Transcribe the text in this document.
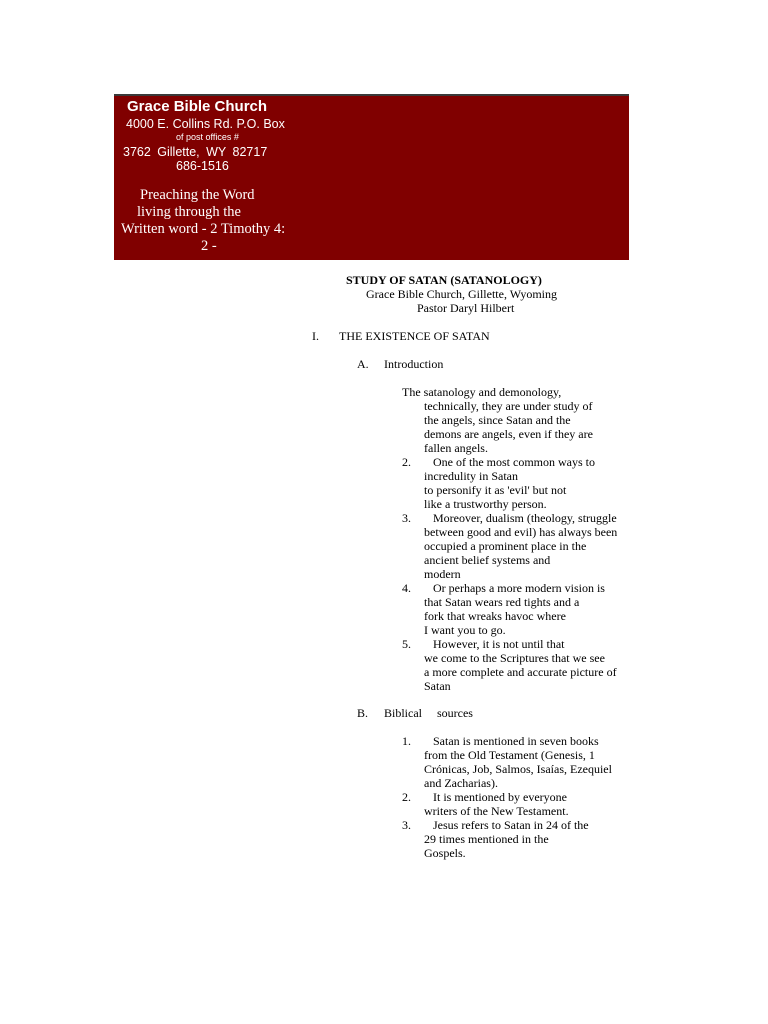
Grace Bible Church
4000 E. Collins Rd. P.O. Box
of post offices #
3762 Gillette, WY 82717
686-1516
Preaching the Word
living through the
Written word - 2 Timothy 4:
2 -
STUDY OF SATAN (SATANOLOGY)
Grace Bible Church, Gillette, Wyoming
Pastor Daryl Hilbert
I. THE EXISTENCE OF SATAN
A. Introduction
The satanology and demonology,
technically, they are under study of
the angels, since Satan and the
demons are angels, even if they are
fallen angels.
2. One of the most common ways to
incredulity in Satan
to personify it as 'evil' but not
like a trustworthy person.
3. Moreover, dualism (theology, struggle
between good and evil) has always been
occupied a prominent place in the
ancient belief systems and
modern
4. Or perhaps a more modern vision is
that Satan wears red tights and a
fork that wreaks havoc where
I want you to go.
5. However, it is not until that
we come to the Scriptures that we see
a more complete and accurate picture of
Satan
B. Biblical sources
1. Satan is mentioned in seven books
from the Old Testament (Genesis, 1
Crónicas, Job, Salmos, Isaías, Ezequiel
and Zacharias).
2. It is mentioned by everyone
writers of the New Testament.
3. Jesus refers to Satan in 24 of the
29 times mentioned in the
Gospels.
